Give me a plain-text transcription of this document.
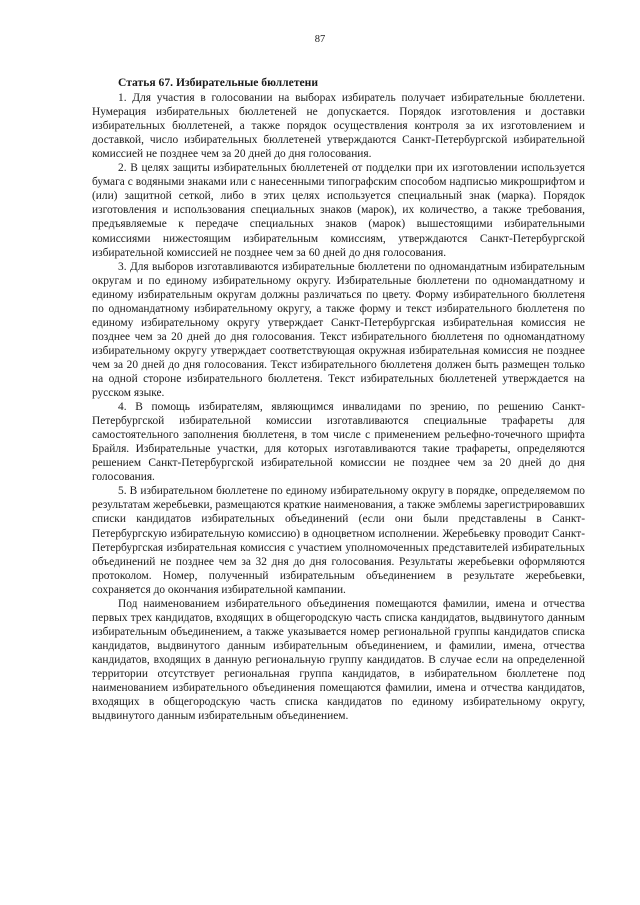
87
Статья 67. Избирательные бюллетени

1. Для участия в голосовании на выборах избиратель получает избирательные бюллетени. Нумерация избирательных бюллетеней не допускается. Порядок изготовления и доставки избирательных бюллетеней, а также порядок осуществления контроля за их изготовлением и доставкой, число избирательных бюллетеней утверждаются Санкт-Петербургской избирательной комиссией не позднее чем за 20 дней до дня голосования.

2. В целях защиты избирательных бюллетеней от подделки при их изготовлении используется бумага с водяными знаками или с нанесенными типографским способом надписью микрошрифтом и (или) защитной сеткой, либо в этих целях используется специальный знак (марка). Порядок изготовления и использования специальных знаков (марок), их количество, а также требования, предъявляемые к передаче специальных знаков (марок) вышестоящими избирательными комиссиями нижестоящим избирательным комиссиям, утверждаются Санкт-Петербургской избирательной комиссией не позднее чем за 60 дней до дня голосования.

3. Для выборов изготавливаются избирательные бюллетени по одномандатным избирательным округам и по единому избирательному округу. Избирательные бюллетени по одномандатному и единому избирательным округам должны различаться по цвету. Форму избирательного бюллетеня по одномандатному избирательному округу, а также форму и текст избирательного бюллетеня по единому избирательному округу утверждает Санкт-Петербургская избирательная комиссия не позднее чем за 20 дней до дня голосования. Текст избирательного бюллетеня по одномандатному избирательному округу утверждает соответствующая окружная избирательная комиссия не позднее чем за 20 дней до дня голосования. Текст избирательного бюллетеня должен быть размещен только на одной стороне избирательного бюллетеня. Текст избирательных бюллетеней утверждается на русском языке.

4. В помощь избирателям, являющимся инвалидами по зрению, по решению Санкт-Петербургской избирательной комиссии изготавливаются специальные трафареты для самостоятельного заполнения бюллетеня, в том числе с применением рельефно-точечного шрифта Брайля. Избирательные участки, для которых изготавливаются такие трафареты, определяются решением Санкт-Петербургской избирательной комиссии не позднее чем за 20 дней до дня голосования.

5. В избирательном бюллетене по единому избирательному округу в порядке, определяемом по результатам жеребьевки, размещаются краткие наименования, а также эмблемы зарегистрировавших списки кандидатов избирательных объединений (если они были представлены в Санкт-Петербургскую избирательную комиссию) в одноцветном исполнении. Жеребьевку проводит Санкт-Петербургская избирательная комиссия с участием уполномоченных представителей избирательных объединений не позднее чем за 32 дня до дня голосования. Результаты жеребьевки оформляются протоколом. Номер, полученный избирательным объединением в результате жеребьевки, сохраняется до окончания избирательной кампании.

Под наименованием избирательного объединения помещаются фамилии, имена и отчества первых трех кандидатов, входящих в общегородскую часть списка кандидатов, выдвинутого данным избирательным объединением, а также указывается номер региональной группы кандидатов списка кандидатов, выдвинутого данным избирательным объединением, и фамилии, имена, отчества кандидатов, входящих в данную региональную группу кандидатов. В случае если на определенной территории отсутствует региональная группа кандидатов, в избирательном бюллетене под наименованием избирательного объединения помещаются фамилии, имена и отчества кандидатов, входящих в общегородскую часть списка кандидатов по единому избирательному округу, выдвинутого данным избирательным объединением.
